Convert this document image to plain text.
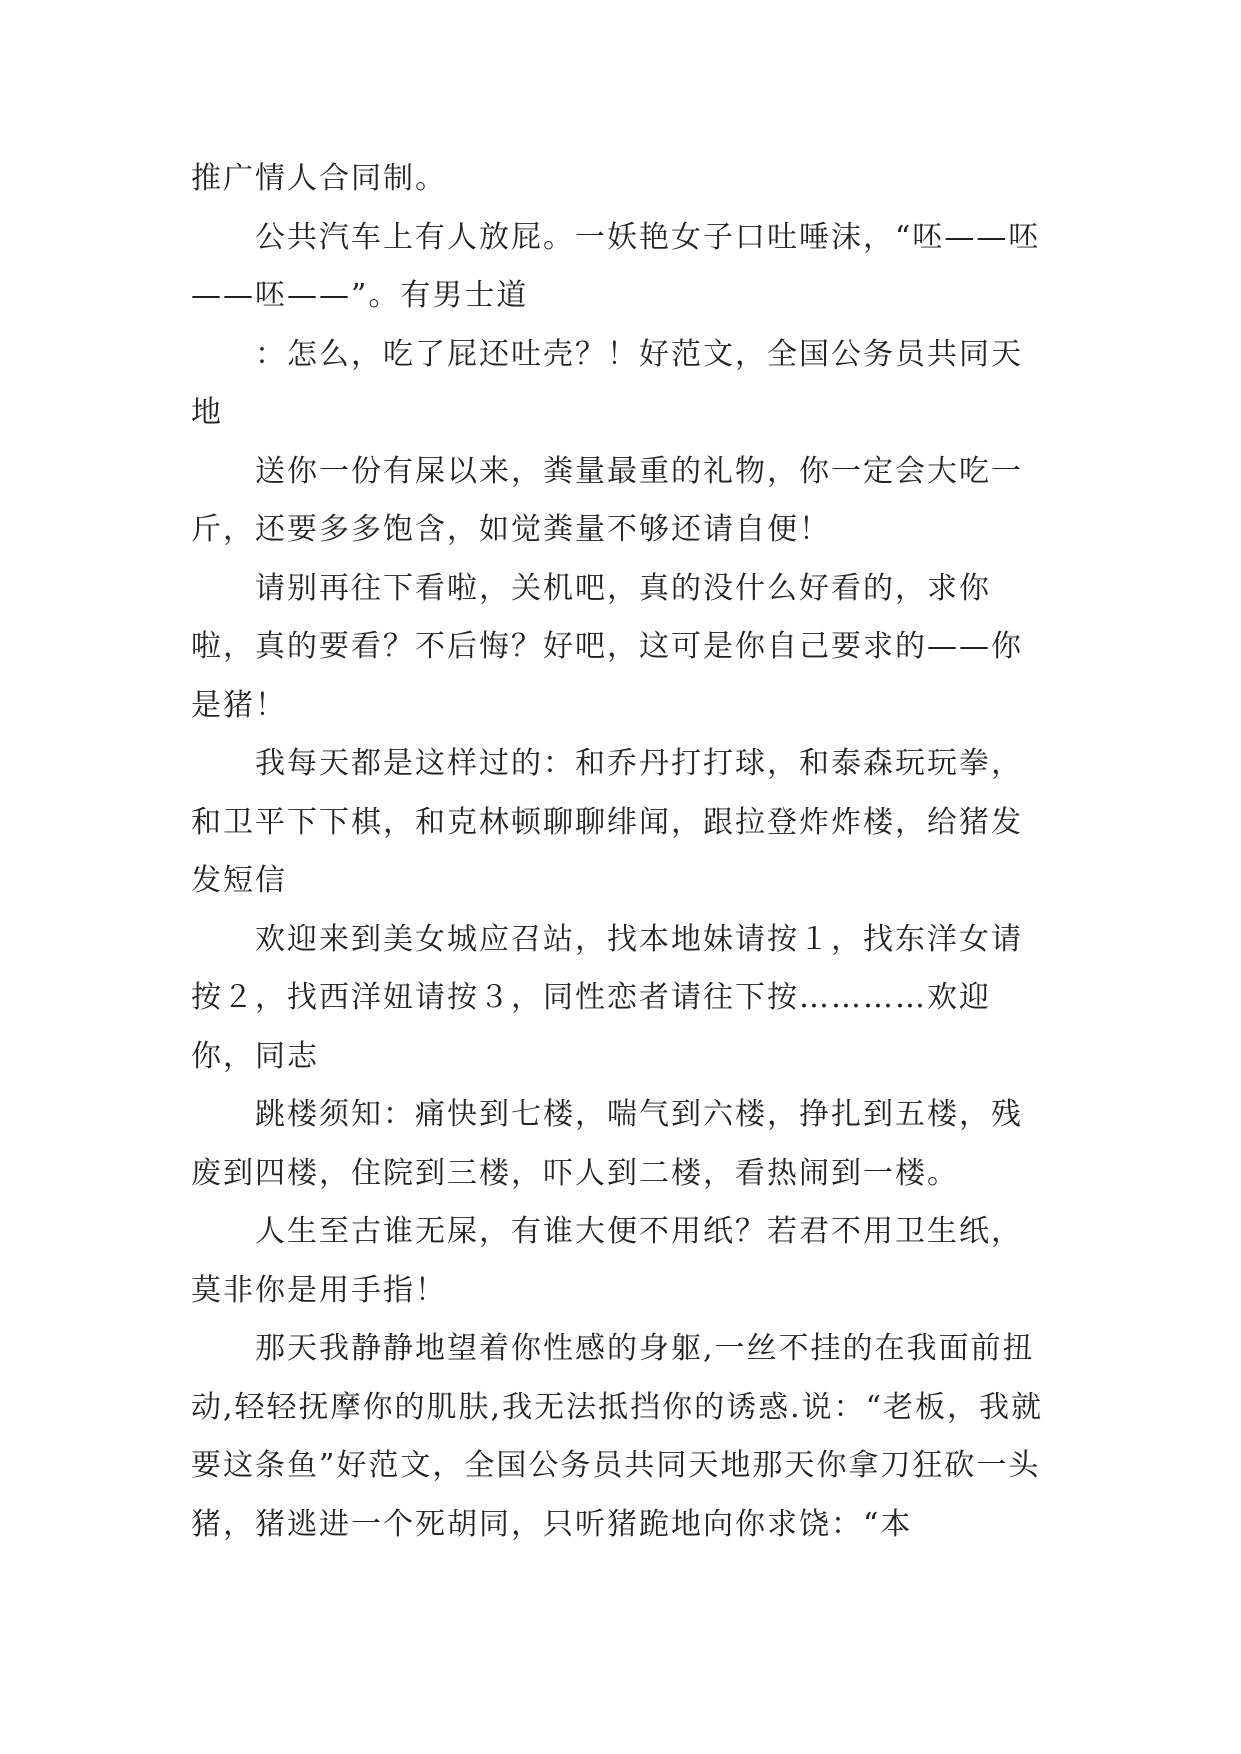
推广情人合同制。

公共汽车上有人放屁。一妖艳女子口吐唾沫，“呸——呸——呸——”。有男士道

：怎么，吃了屁还吐壳？！好范文，全国公务员共同天地

送你一份有屎以来，粪量最重的礼物，你一定会大吃一斤，还要多多饱含，如觉粪量不够还请自便！

请别再往下看啦，关机吧，真的没什么好看的，求你啦，真的要看？不后悔？好吧，这可是你自己要求的——你是猪！

我每天都是这样过的：和乔丹打打球，和泰森玩玩拳，和卫平下下棋，和克林顿聊聊绯闻，跟拉登炸炸楼，给猪发发短信

欢迎来到美女城应召站，找本地妹请按１，找东洋女请按２，找西洋妞请按３，同性恋者请往下按…………欢迎你，同志

跳楼须知：痛快到七楼，喘气到六楼，挣扎到五楼，残废到四楼，住院到三楼，吓人到二楼，看热闹到一楼。

人生至古谁无屎，有谁大便不用纸？若君不用卫生纸，莫非你是用手指！

那天我静静地望着你性感的身躯,一丝不挂的在我面前扭动,轻轻抚摩你的肌肤,我无法抵挡你的诱惑.说：“老板，我就要这条鱼”好范文，全国公务员共同天地那天你拿刀狂砍一头猪，猪逃进一个死胡同，只听猪跪地向你求饶：“本
